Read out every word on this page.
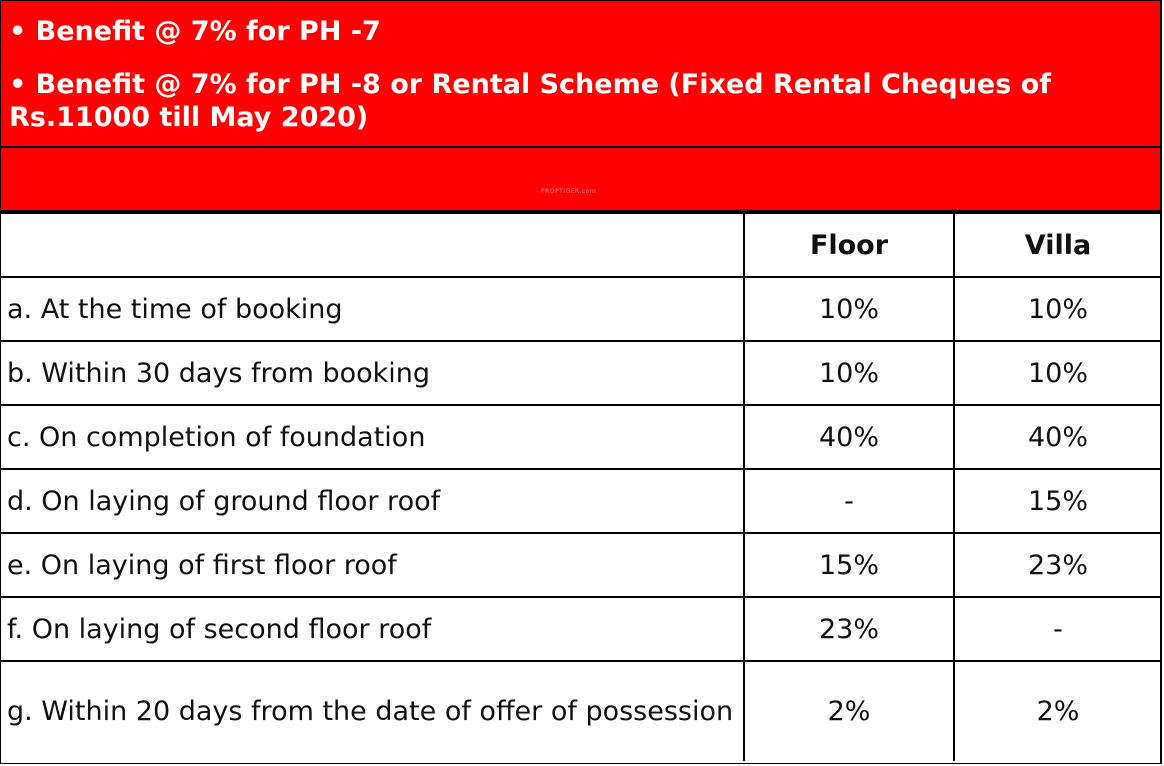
• Benefit @ 7% for PH -7
• Benefit @ 7% for PH -8 or Rental Scheme (Fixed Rental Cheques of Rs.11000 till May 2020)
PROPTIGER.com
	Floor	Villa
a. At the time of booking	10%	10%
b. Within 30 days from booking	10%	10%
c. On completion of foundation	40%	40%
d. On laying of ground floor roof	-	15%
e. On laying of first floor roof	15%	23%
f. On laying of second floor roof	23%	-
g. Within 20 days from the date of offer of possession	2%	2%
